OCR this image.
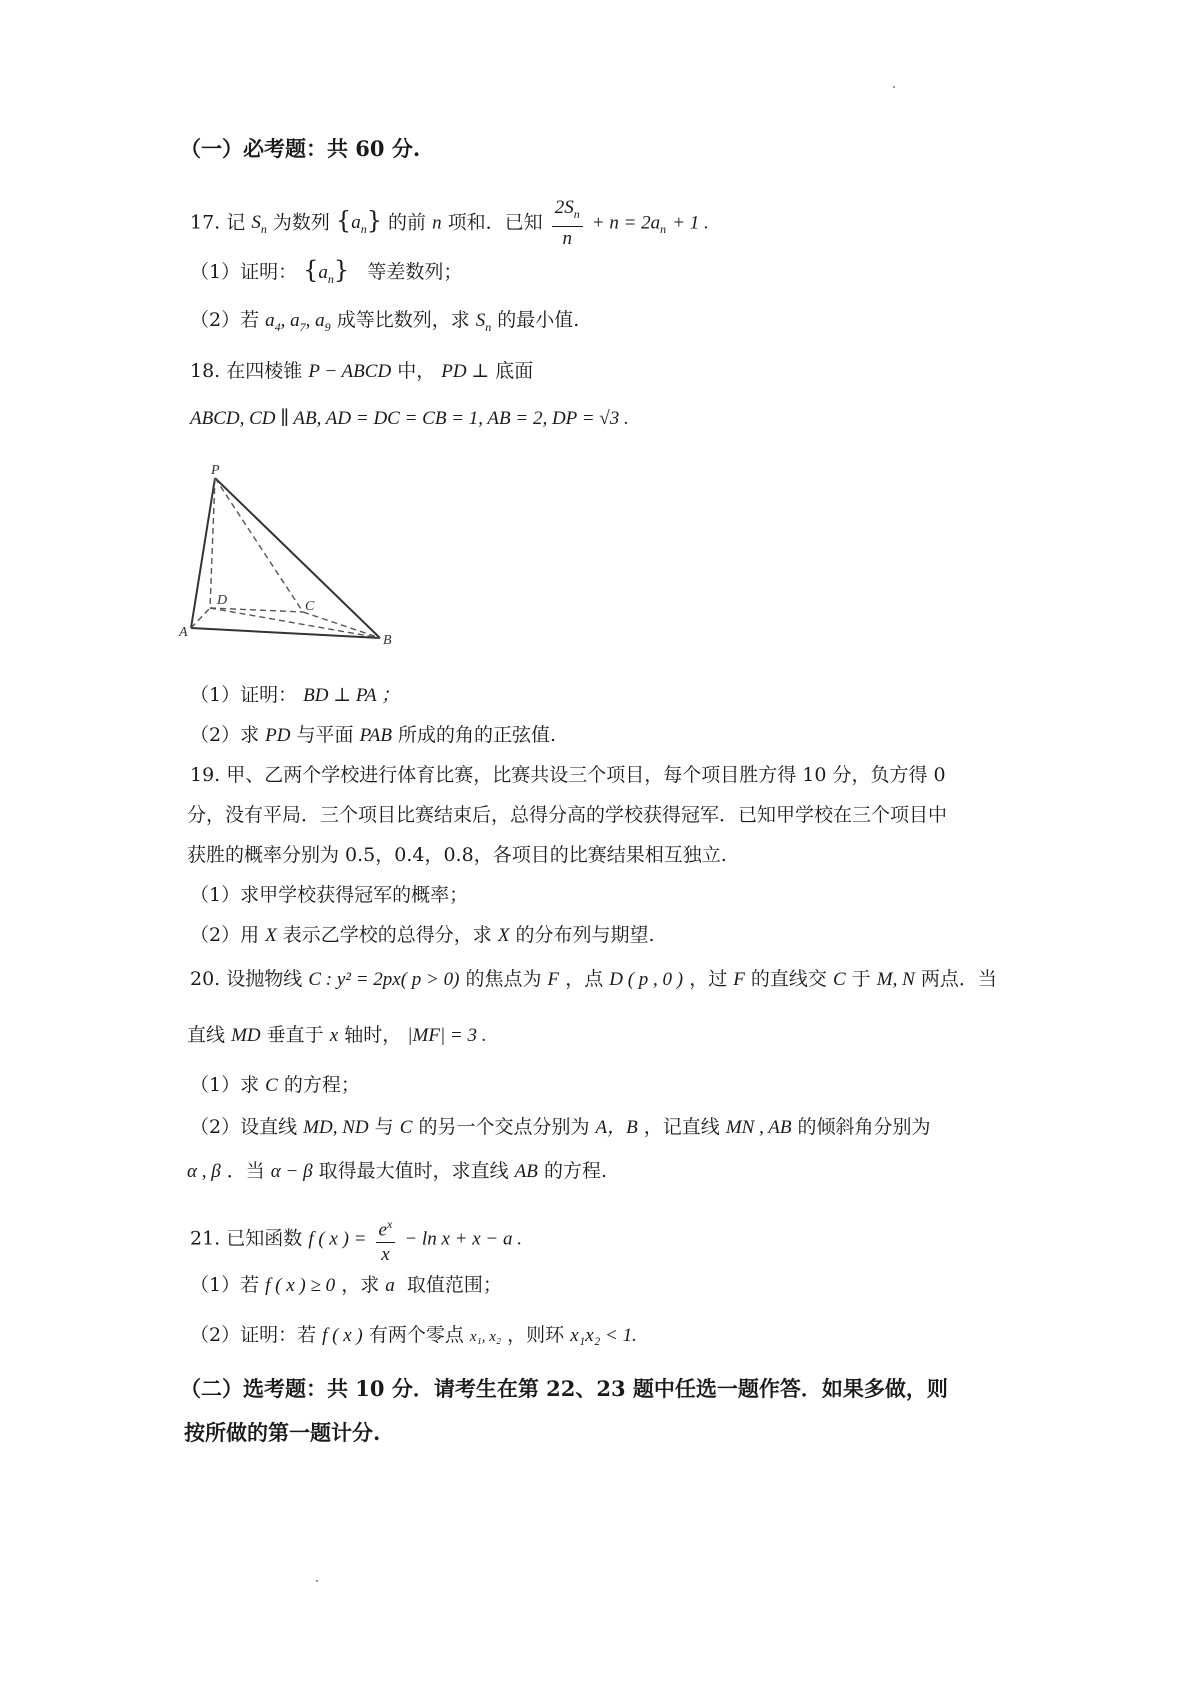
（一）必考题：共 60 分.
17. 记 $S_n$ 为数列 $\{a_n\}$ 的前 n 项和．已知 $\frac{2S_n}{n} + n = 2a_n + 1$ .
（1）证明： $\{a_n\}$ 等差数列；
（2）若 $a_4$, $a_7$, $a_9$ 成等比数列，求 $S_n$ 的最小值.
18. 在四棱锥 P − ABCD 中， PD ⊥ 底面
ABCD, CD ∥ AB, AD = DC = CB = 1, AB = 2, DP = √3 .
P
A
B
C
D
（1）证明： BD ⊥ PA ；
（2）求 PD 与平面 PAB 所成的角的正弦值.
19. 甲、乙两个学校进行体育比赛，比赛共设三个项目，每个项目胜方得 10 分，负方得 0
分，没有平局．三个项目比赛结束后，总得分高的学校获得冠军．已知甲学校在三个项目中
获胜的概率分别为 0.5，0.4，0.8，各项目的比赛结果相互独立.
（1）求甲学校获得冠军的概率；
（2）用 X 表示乙学校的总得分，求 X 的分布列与期望.
20. 设抛物线 C : y² = 2px( p > 0) 的焦点为 F ，点 D ( p , 0 ) ，过 F 的直线交 C 于 M, N 两点．当
直线 MD 垂直于 x 轴时， |MF| = 3 .
（1）求 C 的方程；
（2）设直线 MD, ND 与 C 的另一个交点分别为 A，B ，记直线 MN , AB 的倾斜角分别为
α , β ．当 α − β 取得最大值时，求直线 AB 的方程.
21. 已知函数 f ( x ) = $\frac{e^x}{x} - \ln x + x - a$ .
（1）若 f ( x ) ≥ 0 ，求 a 取值范围；
（2）证明：若 f ( x ) 有两个零点 x₁, x₂ ，则环 x₁x₂ < 1.
（二）选考题：共 10 分．请考生在第 22、23 题中任选一题作答．如果多做，则
按所做的第一题计分.
